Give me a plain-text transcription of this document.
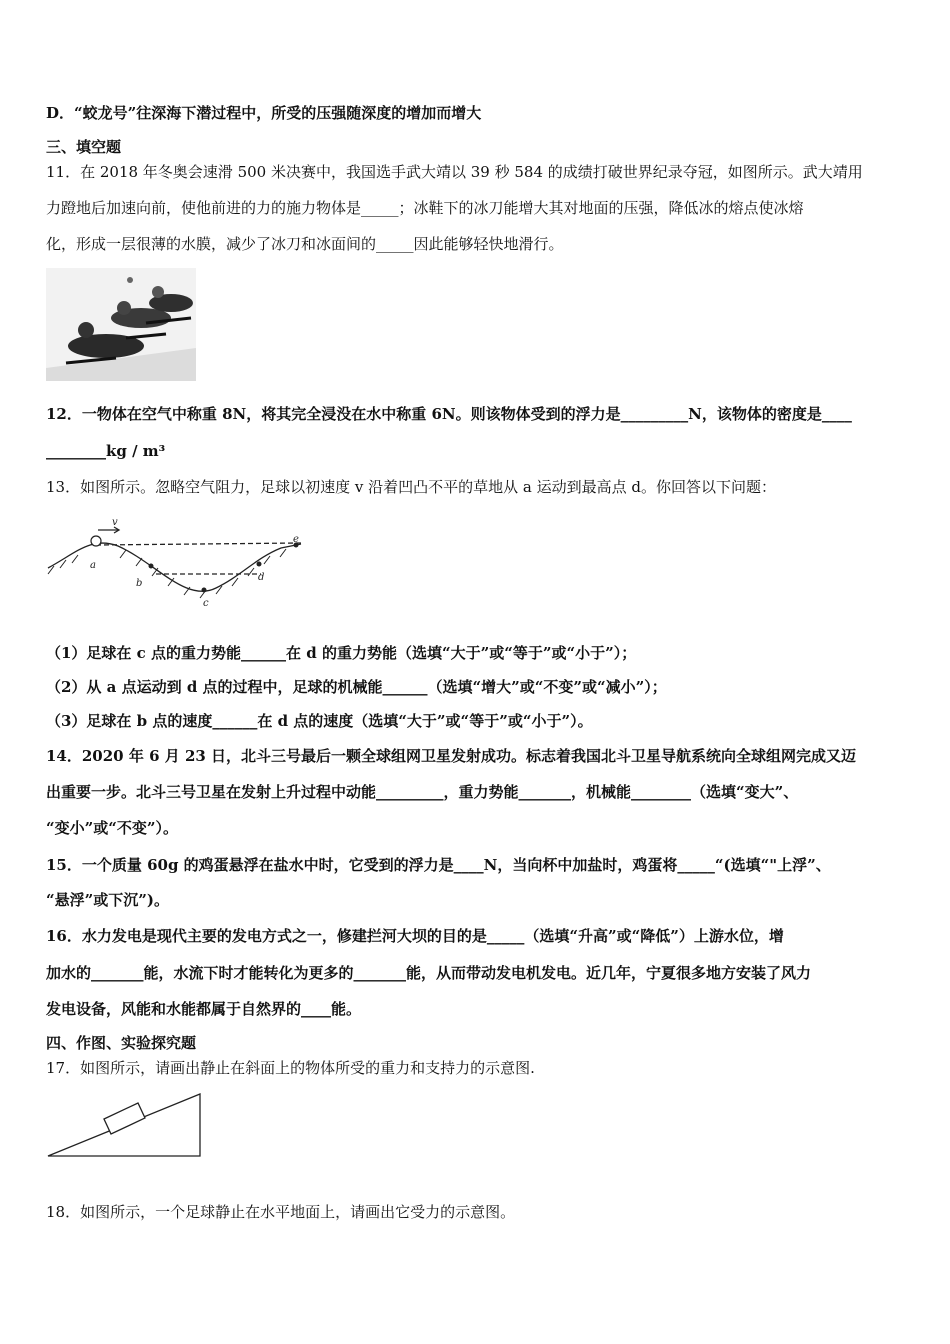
D．“蛟龙号”往深海下潜过程中，所受的压强随深度的增加而增大
三、填空题
11．在 2018 年冬奥会速滑 500 米决赛中，我国选手武大靖以 39 秒 584 的成绩打破世界纪录夺冠，如图所示。武大靖用
力蹬地后加速向前，使他前进的力的施力物体是_____；冰鞋下的冰刀能增大其对地面的压强，降低冰的熔点使冰熔
化，形成一层很薄的水膜，减少了冰刀和冰面间的_____因此能够轻快地滑行。
12．一物体在空气中称重 8N，将其完全浸没在水中称重 6N。则该物体受到的浮力是_________N，该物体的密度是____
________kg / m³
13．如图所示。忽略空气阻力，足球以初速度 v 沿着凹凸不平的草地从 a 运动到最高点 d。你回答以下问题：
v
a
b
c
d
e
（1）足球在 c 点的重力势能______在 d 的重力势能（选填“大于”或“等于”或“小于”）；
（2）从 a 点运动到 d 点的过程中，足球的机械能______（选填“增大”或“不变”或“减小”）；
（3）足球在 b 点的速度______在 d 点的速度（选填“大于”或“等于”或“小于”）。
14．2020 年 6 月 23 日，北斗三号最后一颗全球组网卫星发射成功。标志着我国北斗卫星导航系统向全球组网完成又迈
出重要一步。北斗三号卫星在发射上升过程中动能_________，重力势能_______，机械能________（选填“变大”、
“变小”或“不变”）。
15．一个质量 60g 的鸡蛋悬浮在盐水中时，它受到的浮力是____N，当向杯中加盐时，鸡蛋将_____“(选填“"上浮”、
“悬浮”或下沉”)。
16．水力发电是现代主要的发电方式之一，修建拦河大坝的目的是_____（选填“升高”或“降低”）上游水位，增
加水的_______能，水流下时才能转化为更多的_______能，从而带动发电机发电。近几年，宁夏很多地方安装了风力
发电设备，风能和水能都属于自然界的____能。
四、作图、实验探究题
17．如图所示，请画出静止在斜面上的物体所受的重力和支持力的示意图.
18．如图所示，一个足球静止在水平地面上，请画出它受力的示意图。
